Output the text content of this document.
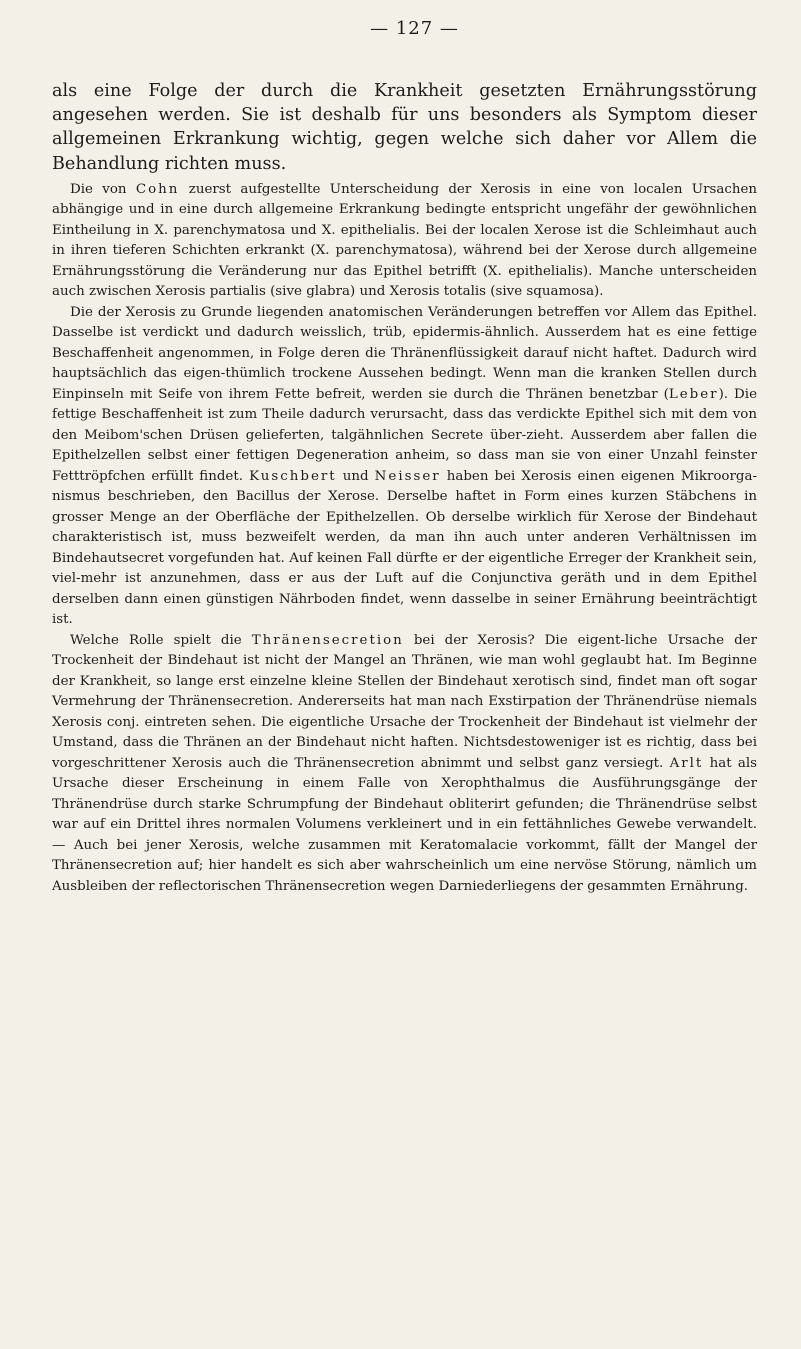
— 127 —

als eine Folge der durch die Krankheit gesetzten Ernährungsstörung angesehen werden. Sie ist deshalb für uns besonders als Symptom dieser allgemeinen Erkrankung wichtig, gegen welche sich daher vor Allem die Behandlung richten muss.

Die von Cohn zuerst aufgestellte Unterscheidung der Xerosis in eine von localen Ursachen abhängige und in eine durch allgemeine Erkrankung bedingte entspricht ungefähr der gewöhnlichen Eintheilung in X. parenchymatosa und X. epithelialis. Bei der localen Xerose ist die Schleimhaut auch in ihren tieferen Schichten erkrankt (X. parenchymatosa), während bei der Xerose durch allgemeine Ernährungsstörung die Veränderung nur das Epithel betrifft (X. epithelialis). Manche unterscheiden auch zwischen Xerosis partialis (sive glabra) und Xerosis totalis (sive squamosa).

Die der Xerosis zu Grunde liegenden anatomischen Veränderungen betreffen vor Allem das Epithel. Dasselbe ist verdickt und dadurch weisslich, trüb, epidermis-ähnlich. Ausserdem hat es eine fettige Beschaffenheit angenommen, in Folge deren die Thränenflüssigkeit darauf nicht haftet. Dadurch wird hauptsächlich das eigen-thümlich trockene Aussehen bedingt. Wenn man die kranken Stellen durch Einpinseln mit Seife von ihrem Fette befreit, werden sie durch die Thränen benetzbar (Leber). Die fettige Beschaffenheit ist zum Theile dadurch verursacht, dass das verdickte Epithel sich mit dem von den Meibom'schen Drüsen gelieferten, talgähnlichen Secrete über-zieht. Ausserdem aber fallen die Epithelzellen selbst einer fettigen Degeneration anheim, so dass man sie von einer Unzahl feinster Fetttröpfchen erfüllt findet. Kuschbert und Neisser haben bei Xerosis einen eigenen Mikroorga-nismus beschrieben, den Bacillus der Xerose. Derselbe haftet in Form eines kurzen Stäbchens in grosser Menge an der Oberfläche der Epithelzellen. Ob derselbe wirklich für Xerose der Bindehaut charakteristisch ist, muss bezweifelt werden, da man ihn auch unter anderen Verhältnissen im Bindehautsecret vorgefunden hat. Auf keinen Fall dürfte er der eigentliche Erreger der Krankheit sein, viel-mehr ist anzunehmen, dass er aus der Luft auf die Conjunctiva geräth und in dem Epithel derselben dann einen günstigen Nährboden findet, wenn dasselbe in seiner Ernährung beeinträchtigt ist.

Welche Rolle spielt die Thränensecretion bei der Xerosis? Die eigent-liche Ursache der Trockenheit der Bindehaut ist nicht der Mangel an Thränen, wie man wohl geglaubt hat. Im Beginne der Krankheit, so lange erst einzelne kleine Stellen der Bindehaut xerotisch sind, findet man oft sogar Vermehrung der Thränensecretion. Andererseits hat man nach Exstirpation der Thränendrüse niemals Xerosis conj. eintreten sehen. Die eigentliche Ursache der Trockenheit der Bindehaut ist vielmehr der Umstand, dass die Thränen an der Bindehaut nicht haften. Nichtsdestoweniger ist es richtig, dass bei vorgeschrittener Xerosis auch die Thränensecretion abnimmt und selbst ganz versiegt. Arlt hat als Ursache dieser Erscheinung in einem Falle von Xerophthalmus die Ausführungsgänge der Thränendrüse durch starke Schrumpfung der Bindehaut obliterirt gefunden; die Thränendrüse selbst war auf ein Drittel ihres normalen Volumens verkleinert und in ein fettähnliches Gewebe verwandelt. — Auch bei jener Xerosis, welche zusammen mit Keratomalacie vorkommt, fällt der Mangel der Thränensecretion auf; hier handelt es sich aber wahrscheinlich um eine nervöse Störung, nämlich um Ausbleiben der reflectorischen Thränensecretion wegen Darniederliegens der gesammten Ernährung.
